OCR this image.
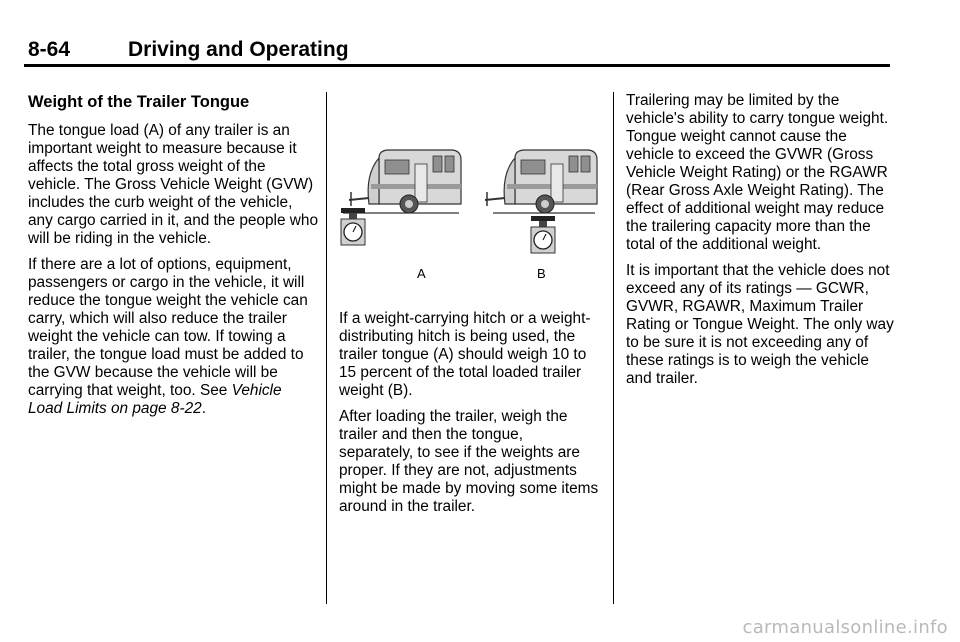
8-64	Driving and Operating
Weight of the Trailer Tongue

The tongue load (A) of any trailer is an important weight to measure because it affects the total gross weight of the vehicle. The Gross Vehicle Weight (GVW) includes the curb weight of the vehicle, any cargo carried in it, and the people who will be riding in the vehicle.

If there are a lot of options, equipment, passengers or cargo in the vehicle, it will reduce the tongue weight the vehicle can carry, which will also reduce the trailer weight the vehicle can tow. If towing a trailer, the tongue load must be added to the GVW because the vehicle will be carrying that weight, too. See Vehicle Load Limits on page 8-22.

A	B

If a weight-carrying hitch or a weight-distributing hitch is being used, the trailer tongue (A) should weigh 10 to 15 percent of the total loaded trailer weight (B).

After loading the trailer, weigh the trailer and then the tongue, separately, to see if the weights are proper. If they are not, adjustments might be made by moving some items around in the trailer.

Trailering may be limited by the vehicle's ability to carry tongue weight. Tongue weight cannot cause the vehicle to exceed the GVWR (Gross Vehicle Weight Rating) or the RGAWR (Rear Gross Axle Weight Rating). The effect of additional weight may reduce the trailering capacity more than the total of the additional weight.

It is important that the vehicle does not exceed any of its ratings — GCWR, GVWR, RGAWR, Maximum Trailer Rating or Tongue Weight. The only way to be sure it is not exceeding any of these ratings is to weigh the vehicle and trailer.

carmanualsonline.info
